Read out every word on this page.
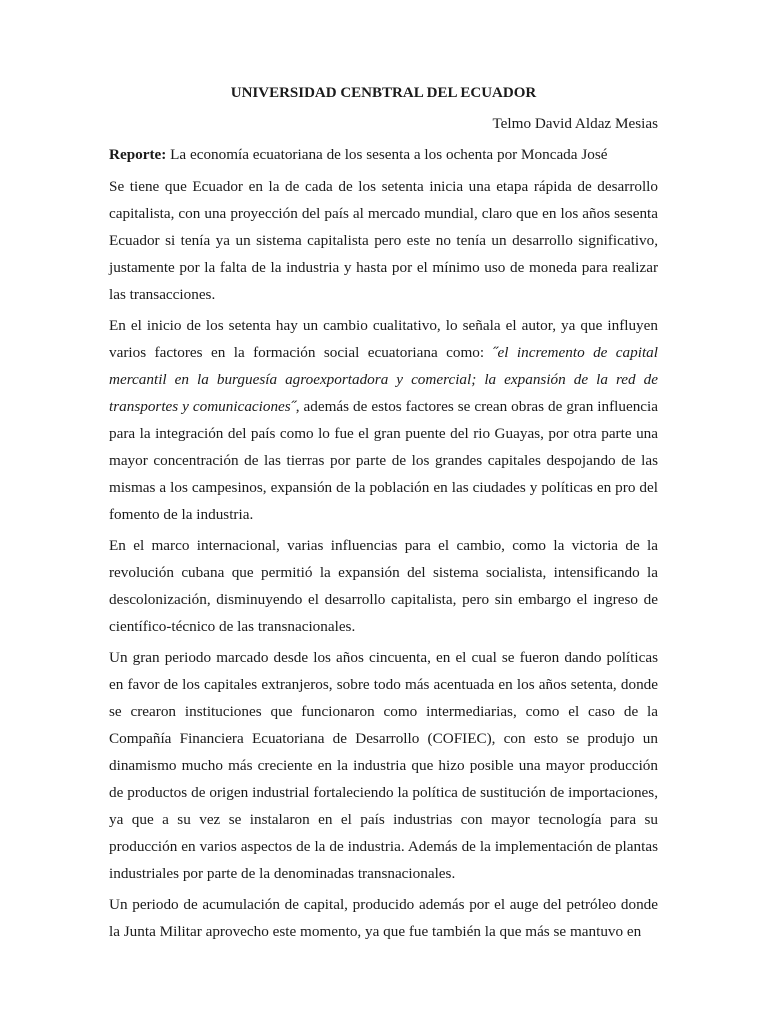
UNIVERSIDAD CENBTRAL DEL ECUADOR
Telmo David Aldaz Mesias
Reporte: La economía ecuatoriana de los sesenta a los ochenta por Moncada José

Se tiene que Ecuador en la de cada de los setenta inicia una etapa rápida de desarrollo capitalista, con una proyección del país al mercado mundial, claro que en los años sesenta Ecuador si tenía ya un sistema capitalista pero este no tenía un desarrollo significativo, justamente por la falta de la industria y hasta por el mínimo uso de moneda para realizar las transacciones.

En el inicio de los setenta hay un cambio cualitativo, lo señala el autor, ya que influyen varios factores en la formación social ecuatoriana como: ˝el incremento de capital mercantil en la burguesía agroexportadora y comercial; la expansión de la red de transportes y comunicaciones˝, además de estos factores se crean obras de gran influencia para la integración del país como lo fue el gran puente del rio Guayas, por otra parte una mayor concentración de las tierras por parte de los grandes capitales despojando de las mismas a los campesinos, expansión de la población en las ciudades y políticas en pro del fomento de la industria.

En el marco internacional, varias influencias para el cambio, como la victoria de la revolución cubana que permitió la expansión del sistema socialista, intensificando la descolonización, disminuyendo el desarrollo capitalista, pero sin embargo el ingreso de científico-técnico de las transnacionales.

Un gran periodo marcado desde los años cincuenta, en el cual se fueron dando políticas en favor de los capitales extranjeros, sobre todo más acentuada en los años setenta, donde se crearon instituciones que funcionaron como intermediarias, como el caso de la Compañía Financiera Ecuatoriana de Desarrollo (COFIEC), con esto se produjo un dinamismo mucho más creciente en la industria que hizo posible una mayor producción de productos de origen industrial fortaleciendo la política de sustitución de importaciones, ya que a su vez se instalaron en el país industrias con mayor tecnología para su producción en varios aspectos de la de industria. Además de la implementación de plantas industriales por parte de la denominadas transnacionales.

Un periodo de acumulación de capital, producido además por el auge del petróleo donde la Junta Militar aprovecho este momento, ya que fue también la que más se mantuvo en
